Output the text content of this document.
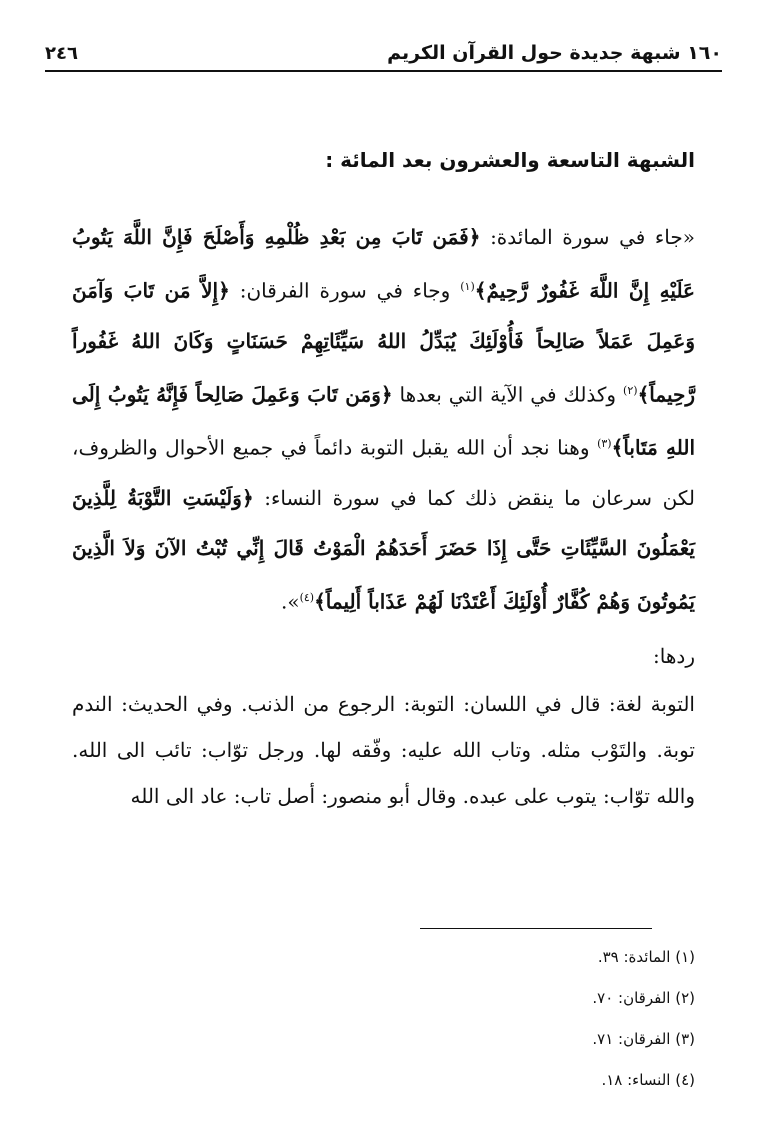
١٦٠ شبهة جديدة حول القرآن الكريم
٢٤٦
الشبهة التاسعة والعشرون بعد المائة :

«جاء في سورة المائدة: ﴿فَمَن تَابَ مِن بَعْدِ ظُلْمِهِ وَأَصْلَحَ فَإِنَّ اللَّهَ يَتُوبُ عَلَيْهِ إِنَّ اللَّهَ غَفُورٌ رَّحِيمٌ﴾$^{(١)}$ وجاء في سورة الفرقان: ﴿إِلاَّ مَن تَابَ وَآمَنَ وَعَمِلَ عَمَلاً صَالِحاً فَأُوْلَئِكَ يُبَدِّلُ اللهُ سَيِّئَاتِهِمْ حَسَنَاتٍ وَكَانَ اللهُ غَفُوراً رَّحِيماً﴾$^{(٢)}$ وكذلك في الآية التي بعدها ﴿وَمَن تَابَ وَعَمِلَ صَالِحاً فَإِنَّهُ يَتُوبُ إِلَى اللهِ مَتَاباً﴾$^{(٣)}$ وهنا نجد أن الله يقبل التوبة دائماً في جميع الأحوال والظروف، لكن سرعان ما ينقض ذلك كما في سورة النساء: ﴿وَلَيْسَتِ التَّوْبَةُ لِلَّذِينَ يَعْمَلُونَ السَّيِّئَاتِ حَتَّى إِذَا حَضَرَ أَحَدَهُمُ الْمَوْتُ قَالَ إِنِّي تُبْتُ الآنَ وَلاَ الَّذِينَ يَمُوتُونَ وَهُمْ كُفَّارٌ أُوْلَئِكَ أَعْتَدْنَا لَهُمْ عَذَاباً أَلِيماً﴾$^{(٤)}$».

ردها:

التوبة لغة: قال في اللسان: التوبة: الرجوع من الذنب. وفي الحديث: الندم توبة. والتَوْب مثله. وتاب الله عليه: وفّقه لها. ورجل توّاب: تائب الى الله. والله توّاب: يتوب على عبده. وقال أبو منصور: أصل تاب: عاد الى الله

(١) المائدة: ٣٩.
(٢) الفرقان: ٧٠.
(٣) الفرقان: ٧١.
(٤) النساء: ١٨.
